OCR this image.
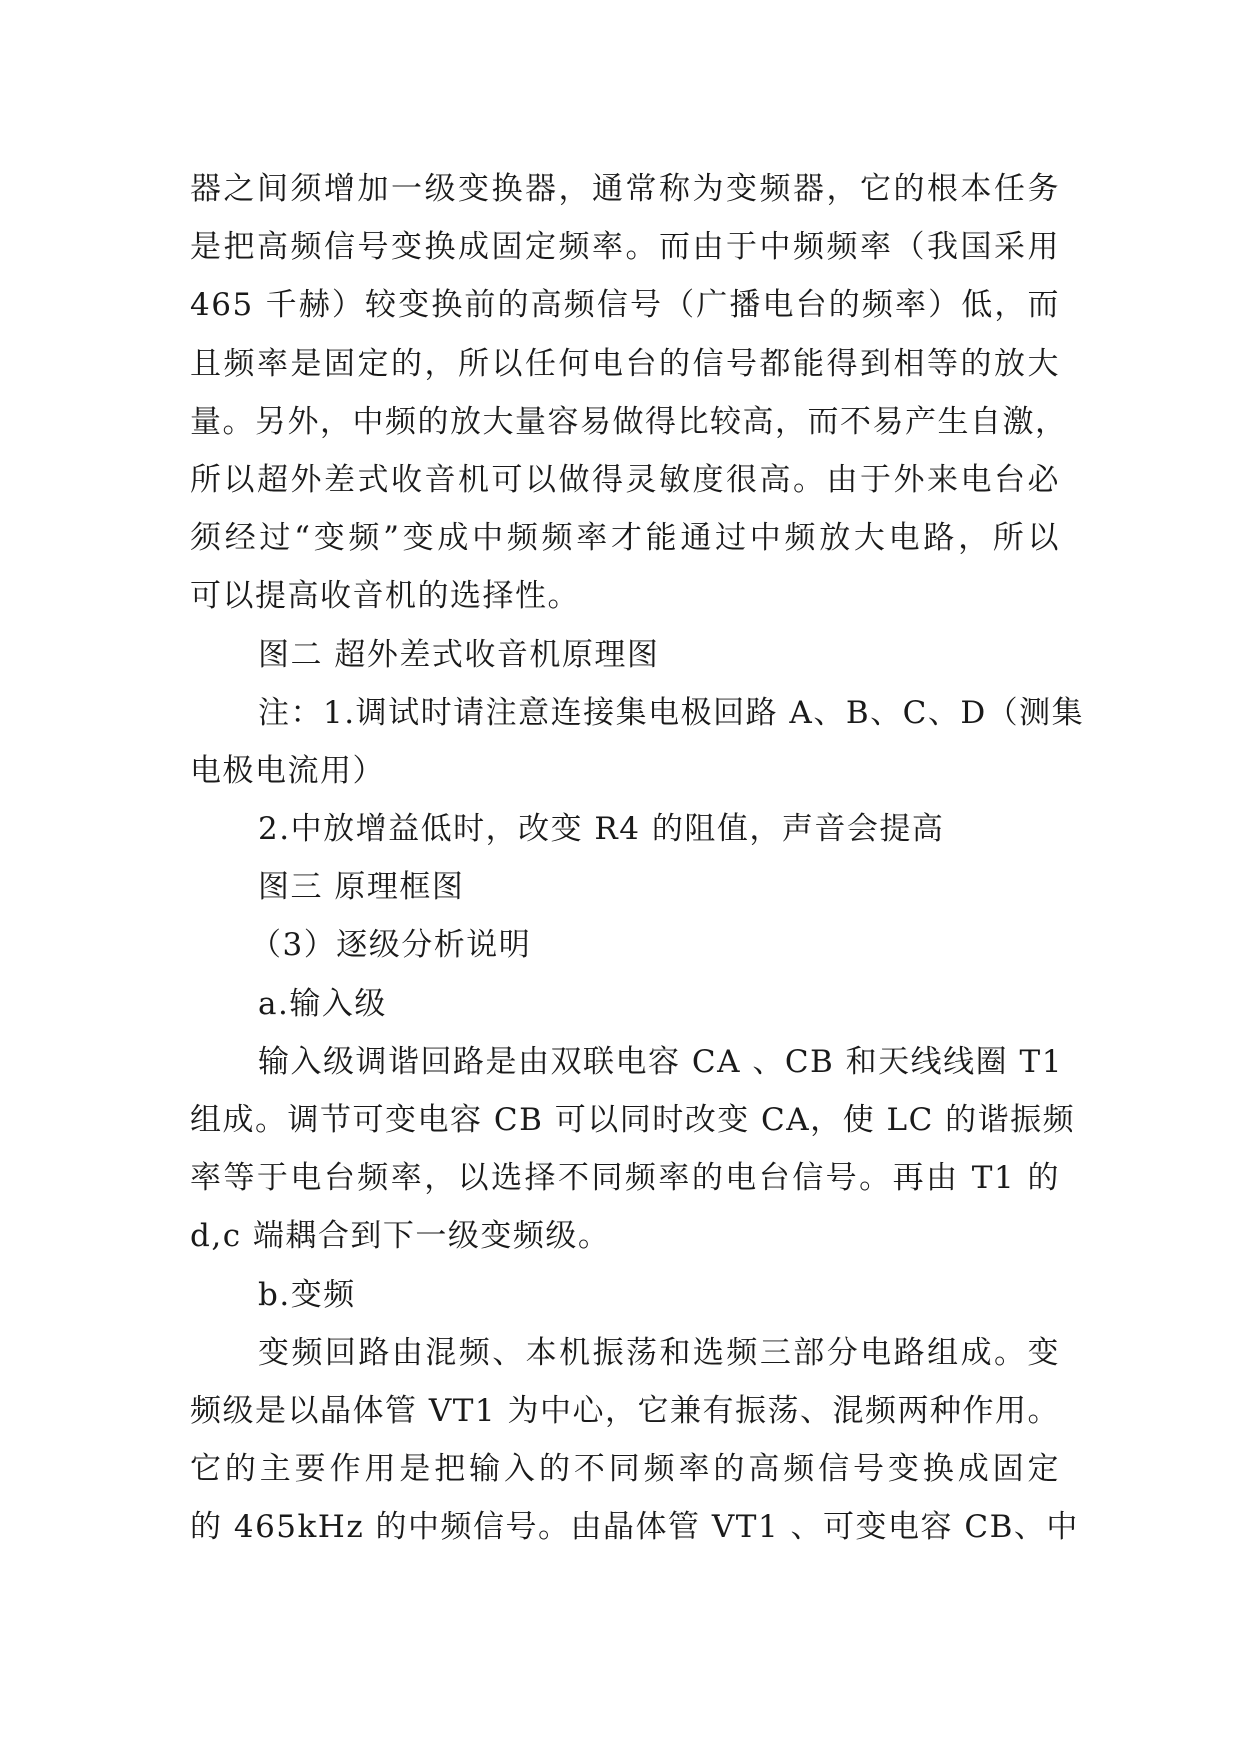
器之间须增加一级变换器，通常称为变频器，它的根本任务
是把高频信号变换成固定频率。而由于中频频率（我国采用
465 千赫）较变换前的高频信号（广播电台的频率）低，而
且频率是固定的，所以任何电台的信号都能得到相等的放大
量。另外，中频的放大量容易做得比较高，而不易产生自激，
所以超外差式收音机可以做得灵敏度很高。由于外来电台必
须经过“变频”变成中频频率才能通过中频放大电路，所以
可以提高收音机的选择性。
图二 超外差式收音机原理图
注：1.调试时请注意连接集电极回路 A、B、C、D（测集
电极电流用）
2.中放增益低时，改变 R4 的阻值，声音会提高
图三 原理框图
（3）逐级分析说明
a.输入级
输入级调谐回路是由双联电容 CA 、CB 和天线线圈 T1
组成。调节可变电容 CB 可以同时改变 CA，使 LC 的谐振频
率等于电台频率，以选择不同频率的电台信号。再由 T1 的
d,c 端耦合到下一级变频级。
b.变频
变频回路由混频、本机振荡和选频三部分电路组成。变
频级是以晶体管 VT1 为中心，它兼有振荡、混频两种作用。
它的主要作用是把输入的不同频率的高频信号变换成固定
的 465kHz 的中频信号。由晶体管 VT1 、可变电容 CB、中
